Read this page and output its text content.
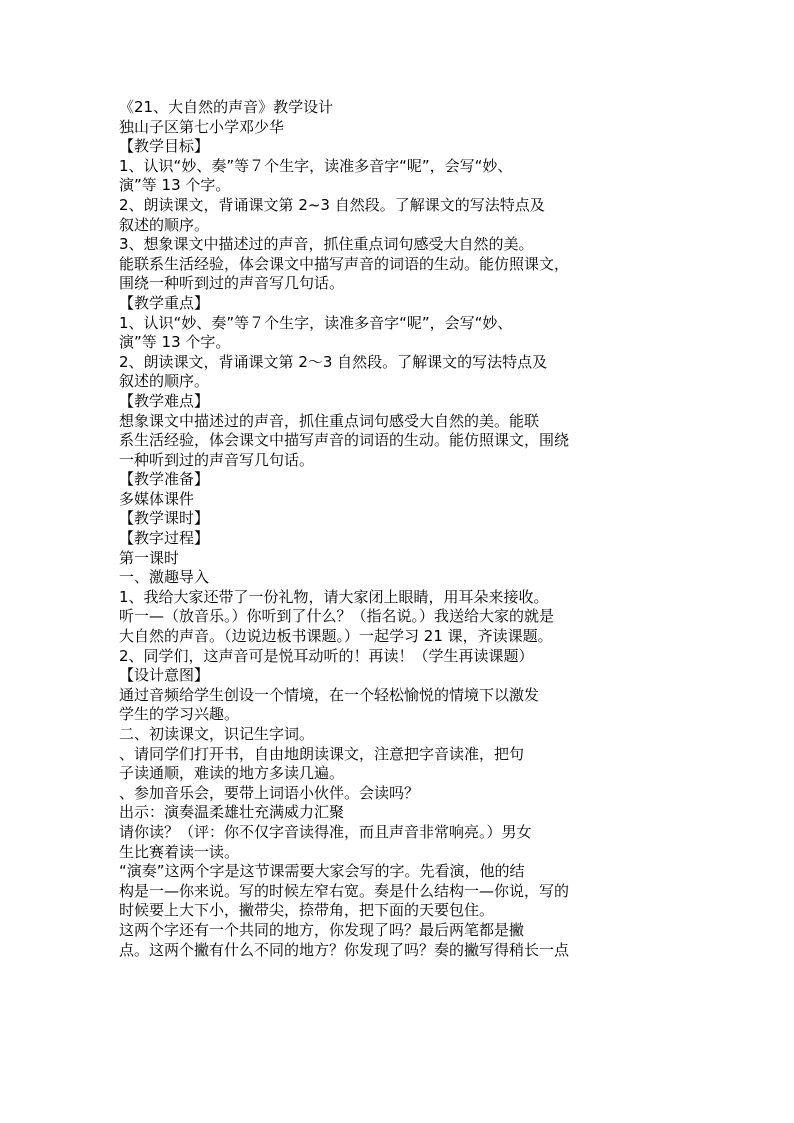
《21、大自然的声音》教学设计
独山子区第七小学邓少华
【教学目标】
1、认识“妙、奏”等７个生字，读准多音字“呢”，会写“妙、
演”等 13 个字。
2、朗读课文，背诵课文第 2~3 自然段。了解课文的写法特点及
叙述的顺序。
3、想象课文中描述过的声音，抓住重点词句感受大自然的美。
能联系生活经验，体会课文中描写声音的词语的生动。能仿照课文，
围绕一种听到过的声音写几句话。
【教学重点】
1、认识“妙、奏”等７个生字，读准多音字“呢”，会写“妙、
演”等 13 个字。
2、朗读课文，背诵课文第 2～3 自然段。了解课文的写法特点及
叙述的顺序。
【教学难点】
想象课文中描述过的声音，抓住重点词句感受大自然的美。能联
系生活经验，体会课文中描写声音的词语的生动。能仿照课文，围绕
一种听到过的声音写几句话。
【教学准备】
多媒体课件
【教学课时】
【教字过程】
第一课时
一、激趣导入
1、我给大家还带了一份礼物，请大家闭上眼睛，用耳朵来接收。
听一—（放音乐。）你听到了什么？（指名说。）我送给大家的就是
大自然的声音。（边说边板书课题。）一起学习 21 课，齐读课题。
2、同学们，这声音可是悦耳动听的！再读！（学生再读课题）
【设计意图】
通过音频给学生创设一个情境，在一个轻松愉悦的情境下以激发
学生的学习兴趣。
二、初读课文，识记生字词。
、请同学们打开书，自由地朗读课文，注意把字音读准，把句
子读通顺，难读的地方多读几遍。
、参加音乐会，要带上词语小伙伴。会读吗？
出示：演奏温柔雄壮充满威力汇聚
请你读？（评：你不仅字音读得准，而且声音非常响亮。）男女
生比赛着读一读。
“演奏”这两个字是这节课需要大家会写的字。先看演，他的结
构是一—你来说。写的时候左窄右宽。奏是什么结构一—你说，写的
时候要上大下小，撇带尖，捺带角，把下面的天要包住。
这两个字还有一个共同的地方，你发现了吗？最后两笔都是撇
点。这两个撇有什么不同的地方？你发现了吗？奏的撇写得稍长一点
